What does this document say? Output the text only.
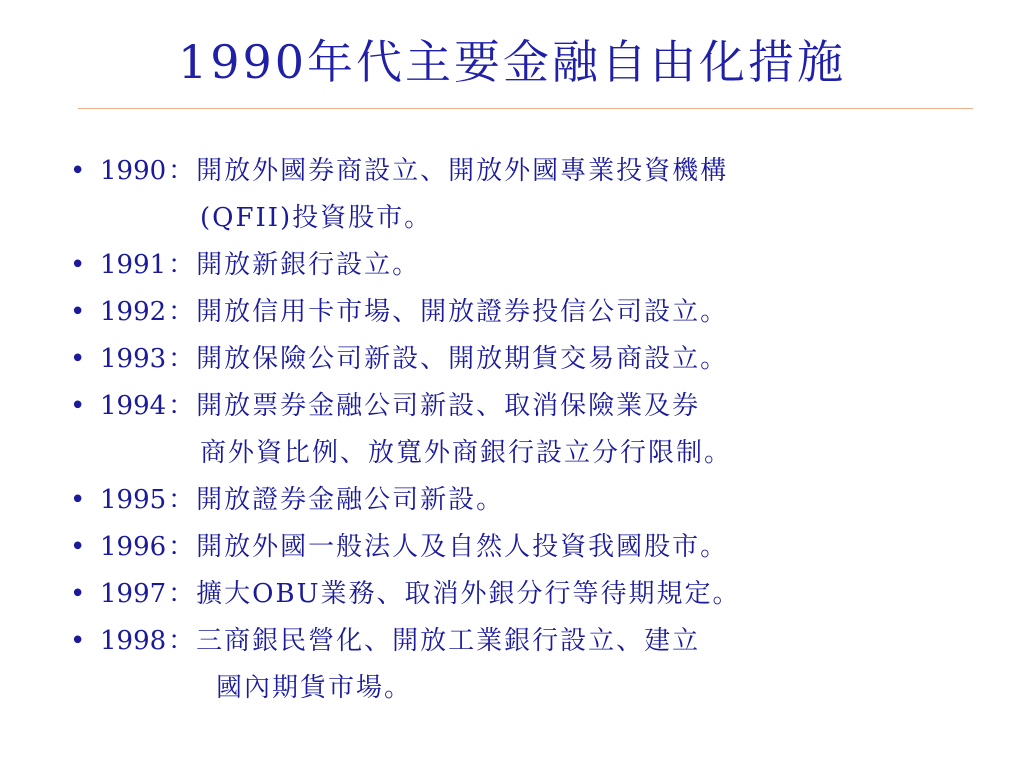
1990年代主要金融自由化措施
• 1990：開放外國券商設立、開放外國專業投資機構
(QFII)投資股市。
• 1991：開放新銀行設立。
• 1992：開放信用卡市場、開放證券投信公司設立。
• 1993：開放保險公司新設、開放期貨交易商設立。
• 1994：開放票券金融公司新設、取消保險業及券
商外資比例、放寬外商銀行設立分行限制。
• 1995：開放證券金融公司新設。
• 1996：開放外國一般法人及自然人投資我國股市。
• 1997：擴大OBU業務、取消外銀分行等待期規定。
• 1998：三商銀民營化、開放工業銀行設立、建立
國內期貨市場。
